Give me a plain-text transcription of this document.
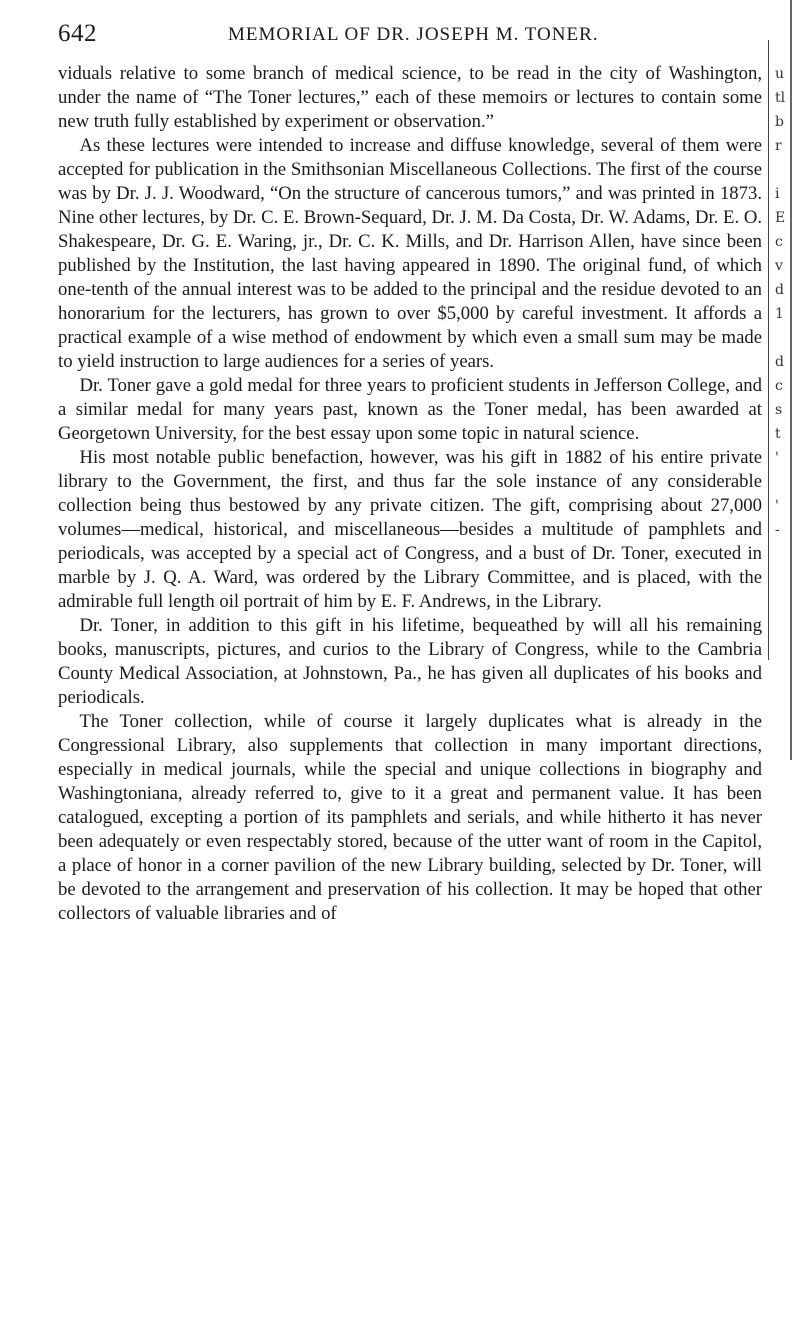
642	MEMORIAL OF DR. JOSEPH M. TONER.

viduals relative to some branch of medical science, to be read in the city of Washington, under the name of “The Toner lectures,” each of these memoirs or lectures to contain some new truth fully established by experiment or observation.”

As these lectures were intended to increase and diffuse knowledge, several of them were accepted for publication in the Smithsonian Miscellaneous Collections. The first of the course was by Dr. J. J. Woodward, “On the structure of cancerous tumors,” and was printed in 1873. Nine other lectures, by Dr. C. E. Brown-Sequard, Dr. J. M. Da Costa, Dr. W. Adams, Dr. E. O. Shakespeare, Dr. G. E. Waring, jr., Dr. C. K. Mills, and Dr. Harrison Allen, have since been published by the Institution, the last having appeared in 1890. The original fund, of which one-tenth of the annual interest was to be added to the principal and the residue devoted to an honorarium for the lecturers, has grown to over $5,000 by careful investment. It affords a practical example of a wise method of endowment by which even a small sum may be made to yield instruction to large audiences for a series of years.

Dr. Toner gave a gold medal for three years to proficient students in Jefferson College, and a similar medal for many years past, known as the Toner medal, has been awarded at Georgetown University, for the best essay upon some topic in natural science.

His most notable public benefaction, however, was his gift in 1882 of his entire private library to the Government, the first, and thus far the sole instance of any considerable collection being thus bestowed by any private citizen. The gift, comprising about 27,000 volumes—medical, historical, and miscellaneous—besides a multitude of pamphlets and periodicals, was accepted by a special act of Congress, and a bust of Dr. Toner, executed in marble by J. Q. A. Ward, was ordered by the Library Committee, and is placed, with the admirable full length oil portrait of him by E. F. Andrews, in the Library.

Dr. Toner, in addition to this gift in his lifetime, bequeathed by will all his remaining books, manuscripts, pictures, and curios to the Library of Congress, while to the Cambria County Medical Association, at Johnstown, Pa., he has given all duplicates of his books and periodicals.

The Toner collection, while of course it largely duplicates what is already in the Congressional Library, also supplements that collection in many important directions, especially in medical journals, while the special and unique collections in biography and Washingtoniana, already referred to, give to it a great and permanent value. It has been catalogued, excepting a portion of its pamphlets and serials, and while hitherto it has never been adequately or even respectably stored, because of the utter want of room in the Capitol, a place of honor in a corner pavilion of the new Library building, selected by Dr. Toner, will be devoted to the arrangement and preservation of his collection. It may be hoped that other collectors of valuable libraries and of

u
tl
b
r
i
E
c
v
d
1
d
c
s
t
'
'
-
